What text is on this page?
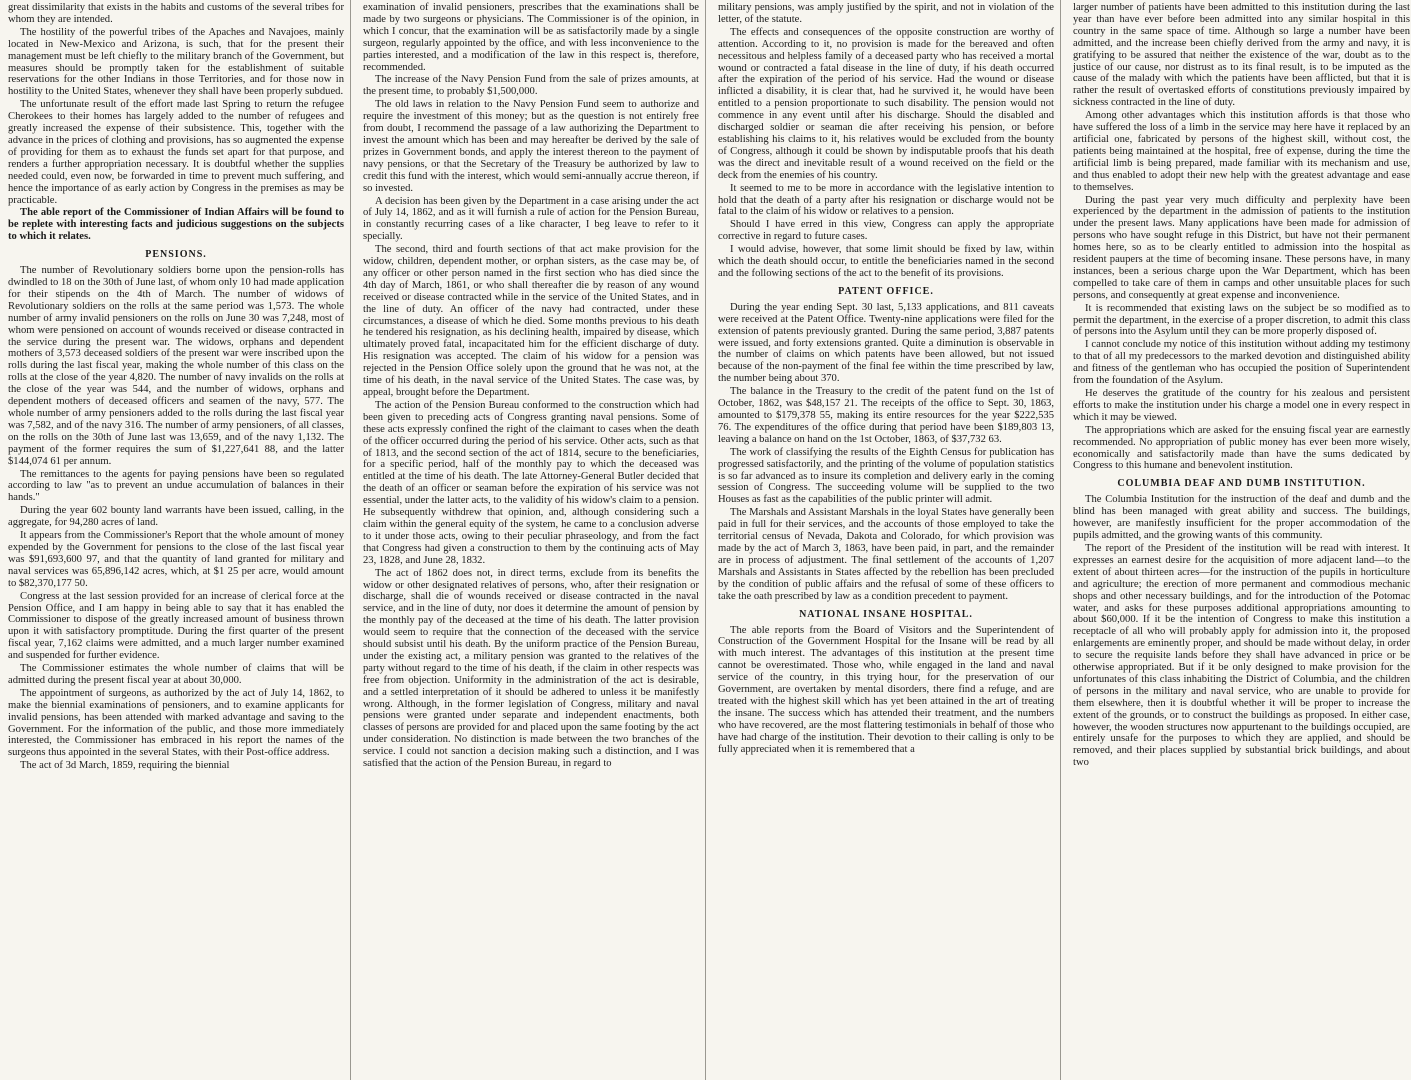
great dissimilarity that exists in the habits and customs of the several tribes for whom they are intended.

The hostility of the powerful tribes of the Apaches and Navajoes, mainly located in New-Mexico and Arizona, is such, that for the present their management must be left chiefly to the military branch of the Government, but measures should be promptly taken for the establishment of suitable reservations for the other Indians in those Territories, and for those now in hostility to the United States, whenever they shall have been properly subdued.

The unfortunate result of the effort made last Spring to return the refugee Cherokees to their homes has largely added to the number of refugees and greatly increased the expense of their subsistence. This, together with the advance in the prices of clothing and provisions, has so augmented the expense of providing for them as to exhaust the funds set apart for that purpose, and renders a further appropriation necessary. It is doubtful whether the supplies needed could, even now, be forwarded in time to prevent much suffering, and hence the importance of as early action by Congress in the premises as may be practicable.

The able report of the Commissioner of Indian Affairs will be found to be replete with interesting facts and judicious suggestions on the subjects to which it relates.

PENSIONS.

The number of Revolutionary soldiers borne upon the pension-rolls has dwindled to 18 on the 30th of June last, of whom only 10 had made application for their stipends on the 4th of March. The number of widows of Revolutionary soldiers on the rolls at the same period was 1,573. The whole number of army invalid pensioners on the rolls on June 30 was 7,248, most of whom were pensioned on account of wounds received or disease contracted in the service during the present war. The widows, orphans and dependent mothers of 3,573 deceased soldiers of the present war were inscribed upon the rolls during the last fiscal year, making the whole number of this class on the rolls at the close of the year 4,820. The number of navy invalids on the rolls at the close of the year was 544, and the number of widows, orphans and dependent mothers of deceased officers and seamen of the navy, 577. The whole number of army pensioners added to the rolls during the last fiscal year was 7,582, and of the navy 316. The number of army pensioners, of all classes, on the rolls on the 30th of June last was 13,659, and of the navy 1,132. The payment of the former requires the sum of $1,227,641 88, and the latter $144,074 61 per annum.

The remittances to the agents for paying pensions have been so regulated according to law "as to prevent an undue accumulation of balances in their hands."

During the year 602 bounty land warrants have been issued, calling, in the aggregate, for 94,280 acres of land.

It appears from the Commissioner's Report that the whole amount of money expended by the Government for pensions to the close of the last fiscal year was $91,693,600 97, and that the quantity of land granted for military and naval services was 65,896,142 acres, which, at $1 25 per acre, would amount to $82,370,177 50.

Congress at the last session provided for an increase of clerical force at the Pension Office, and I am happy in being able to say that it has enabled the Commissioner to dispose of the greatly increased amount of business thrown upon it with satisfactory promptitude. During the first quarter of the present fiscal year, 7,162 claims were admitted, and a much larger number examined and suspended for further evidence.

The Commissioner estimates the whole number of claims that will be admitted during the present fiscal year at about 30,000.

The appointment of surgeons, as authorized by the act of July 14, 1862, to make the biennial examinations of pensioners, and to examine applicants for invalid pensions, has been attended with marked advantage and saving to the Government. For the information of the public, and those more immediately interested, the Commissioner has embraced in his report the names of the surgeons thus appointed in the several States, with their Post-office address.

The act of 3d March, 1859, requiring the biennial

examination of invalid pensioners, prescribes that the examinations shall be made by two surgeons or physicians. The Commissioner is of the opinion, in which I concur, that the examination will be as satisfactorily made by a single surgeon, regularly appointed by the office, and with less inconvenience to the parties interested, and a modification of the law in this respect is, therefore, recommended.

The increase of the Navy Pension Fund from the sale of prizes amounts, at the present time, to probably $1,500,000.

The old laws in relation to the Navy Pension Fund seem to authorize and require the investment of this money; but as the question is not entirely free from doubt, I recommend the passage of a law authorizing the Department to invest the amount which has been and may hereafter be derived by the sale of prizes in Government bonds, and apply the interest thereon to the payment of navy pensions, or that the Secretary of the Treasury be authorized by law to credit this fund with the interest, which would semi-annually accrue thereon, if so invested.

A decision has been given by the Department in a case arising under the act of July 14, 1862, and as it will furnish a rule of action for the Pension Bureau, in constantly recurring cases of a like character, I beg leave to refer to it specially.

The second, third and fourth sections of that act make provision for the widow, children, dependent mother, or orphan sisters, as the case may be, of any officer or other person named in the first section who has died since the 4th day of March, 1861, or who shall thereafter die by reason of any wound received or disease contracted while in the service of the United States, and in the line of duty. An officer of the navy had contracted, under these circumstances, a disease of which he died. Some months previous to his death he tendered his resignation, as his declining health, impaired by disease, which ultimately proved fatal, incapacitated him for the efficient discharge of duty. His resignation was accepted. The claim of his widow for a pension was rejected in the Pension Office solely upon the ground that he was not, at the time of his death, in the naval service of the United States. The case was, by appeal, brought before the Department.

The action of the Pension Bureau conformed to the construction which had been given to preceding acts of Congress granting naval pensions. Some of these acts expressly confined the right of the claimant to cases when the death of the officer occurred during the period of his service. Other acts, such as that of 1813, and the second section of the act of 1814, secure to the beneficiaries, for a specific period, half of the monthly pay to which the deceased was entitled at the time of his death. The late Attorney-General Butler decided that the death of an officer or seaman before the expiration of his service was not essential, under the latter acts, to the validity of his widow's claim to a pension. He subsequently withdrew that opinion, and, although considering such a claim within the general equity of the system, he came to a conclusion adverse to it under those acts, owing to their peculiar phraseology, and from the fact that Congress had given a construction to them by the continuing acts of May 23, 1828, and June 28, 1832.

The act of 1862 does not, in direct terms, exclude from its benefits the widow or other designated relatives of persons, who, after their resignation or discharge, shall die of wounds received or disease contracted in the naval service, and in the line of duty, nor does it determine the amount of pension by the monthly pay of the deceased at the time of his death. The latter provision would seem to require that the connection of the deceased with the service should subsist until his death. By the uniform practice of the Pension Bureau, under the existing act, a military pension was granted to the relatives of the party without regard to the time of his death, if the claim in other respects was free from objection. Uniformity in the administration of the act is desirable, and a settled interpretation of it should be adhered to unless it be manifestly wrong. Although, in the former legislation of Congress, military and naval pensions were granted under separate and independent enactments, both classes of persons are provided for and placed upon the same footing by the act under consideration. No distinction is made between the two branches of the service. I could not sanction a decision making such a distinction, and I was satisfied that the action of the Pension Bureau, in regard to

military pensions, was amply justified by the spirit, and not in violation of the letter, of the statute.

The effects and consequences of the opposite construction are worthy of attention. According to it, no provision is made for the bereaved and often necessitous and helpless family of a deceased party who has received a mortal wound or contracted a fatal disease in the line of duty, if his death occurred after the expiration of the period of his service. Had the wound or disease inflicted a disability, it is clear that, had he survived it, he would have been entitled to a pension proportionate to such disability. The pension would not commence in any event until after his discharge. Should the disabled and discharged soldier or seaman die after receiving his pension, or before establishing his claims to it, his relatives would be excluded from the bounty of Congress, although it could be shown by indisputable proofs that his death was the direct and inevitable result of a wound received on the field or the deck from the enemies of his country.

It seemed to me to be more in accordance with the legislative intention to hold that the death of a party after his resignation or discharge would not be fatal to the claim of his widow or relatives to a pension.

Should I have erred in this view, Congress can apply the appropriate corrective in regard to future cases.

I would advise, however, that some limit should be fixed by law, within which the death should occur, to entitle the beneficiaries named in the second and the following sections of the act to the benefit of its provisions.

PATENT OFFICE.

During the year ending Sept. 30 last, 5,133 applications, and 811 caveats were received at the Patent Office. Twenty-nine applications were filed for the extension of patents previously granted. During the same period, 3,887 patents were issued, and forty extensions granted. Quite a diminution is observable in the number of claims on which patents have been allowed, but not issued because of the non-payment of the final fee within the time prescribed by law, the number being about 370.

The balance in the Treasury to the credit of the patent fund on the 1st of October, 1862, was $48,157 21. The receipts of the office to Sept. 30, 1863, amounted to $179,378 55, making its entire resources for the year $222,535 76. The expenditures of the office during that period have been $189,803 13, leaving a balance on hand on the 1st October, 1863, of $37,732 63.

The work of classifying the results of the Eighth Census for publication has progressed satisfactorily, and the printing of the volume of population statistics is so far advanced as to insure its completion and delivery early in the coming session of Congress. The succeeding volume will be supplied to the two Houses as fast as the capabilities of the public printer will admit.

The Marshals and Assistant Marshals in the loyal States have generally been paid in full for their services, and the accounts of those employed to take the territorial census of Nevada, Dakota and Colorado, for which provision was made by the act of March 3, 1863, have been paid, in part, and the remainder are in process of adjustment. The final settlement of the accounts of 1,207 Marshals and Assistants in States affected by the rebellion has been precluded by the condition of public affairs and the refusal of some of these officers to take the oath prescribed by law as a condition precedent to payment.

NATIONAL INSANE HOSPITAL.

The able reports from the Board of Visitors and the Superintendent of Construction of the Government Hospital for the Insane will be read by all with much interest. The advantages of this institution at the present time cannot be overestimated. Those who, while engaged in the land and naval service of the country, in this trying hour, for the preservation of our Government, are overtaken by mental disorders, there find a refuge, and are treated with the highest skill which has yet been attained in the art of treating the insane. The success which has attended their treatment, and the numbers who have recovered, are the most flattering testimonials in behalf of those who have had charge of the institution. Their devotion to their calling is only to be fully appreciated when it is remembered that a

larger number of patients have been admitted to this institution during the last year than have ever before been admitted into any similar hospital in this country in the same space of time. Although so large a number have been admitted, and the increase been chiefly derived from the army and navy, it is gratifying to be assured that neither the existence of the war, doubt as to the justice of our cause, nor distrust as to its final result, is to be imputed as the cause of the malady with which the patients have been afflicted, but that it is rather the result of overtasked efforts of constitutions previously impaired by sickness contracted in the line of duty.

Among other advantages which this institution affords is that those who have suffered the loss of a limb in the service may here have it replaced by an artificial one, fabricated by persons of the highest skill, without cost, the patients being maintained at the hospital, free of expense, during the time the artificial limb is being prepared, made familiar with its mechanism and use, and thus enabled to adopt their new help with the greatest advantage and ease to themselves.

During the past year very much difficulty and perplexity have been experienced by the department in the admission of patients to the institution under the present laws. Many applications have been made for admission of persons who have sought refuge in this District, but have not their permanent homes here, so as to be clearly entitled to admission into the hospital as resident paupers at the time of becoming insane. These persons have, in many instances, been a serious charge upon the War Department, which has been compelled to take care of them in camps and other unsuitable places for such persons, and consequently at great expense and inconvenience.

It is recommended that existing laws on the subject be so modified as to permit the department, in the exercise of a proper discretion, to admit this class of persons into the Asylum until they can be more properly disposed of.

I cannot conclude my notice of this institution without adding my testimony to that of all my predecessors to the marked devotion and distinguished ability and fitness of the gentleman who has occupied the position of Superintendent from the foundation of the Asylum.

He deserves the gratitude of the country for his zealous and persistent efforts to make the institution under his charge a model one in every respect in which it may be viewed.

The appropriations which are asked for the ensuing fiscal year are earnestly recommended. No appropriation of public money has ever been more wisely, economically and satisfactorily made than have the sums dedicated by Congress to this humane and benevolent institution.

COLUMBIA DEAF AND DUMB INSTITUTION.

The Columbia Institution for the instruction of the deaf and dumb and the blind has been managed with great ability and success. The buildings, however, are manifestly insufficient for the proper accommodation of the pupils admitted, and the growing wants of this community.

The report of the President of the institution will be read with interest. It expresses an earnest desire for the acquisition of more adjacent land—to the extent of about thirteen acres—for the instruction of the pupils in horticulture and agriculture; the erection of more permanent and commodious mechanic shops and other necessary buildings, and for the introduction of the Potomac water, and asks for these purposes additional appropriations amounting to about $60,000. If it be the intention of Congress to make this institution a receptacle of all who will probably apply for admission into it, the proposed enlargements are eminently proper, and should be made without delay, in order to secure the requisite lands before they shall have advanced in price or be otherwise appropriated. But if it be only designed to make provision for the unfortunates of this class inhabiting the District of Columbia, and the children of persons in the military and naval service, who are unable to provide for them elsewhere, then it is doubtful whether it will be proper to increase the extent of the grounds, or to construct the buildings as proposed. In either case, however, the wooden structures now appurtenant to the buildings occupied, are entirely unsafe for the purposes to which they are applied, and should be removed, and their places supplied by substantial brick buildings, and about two
